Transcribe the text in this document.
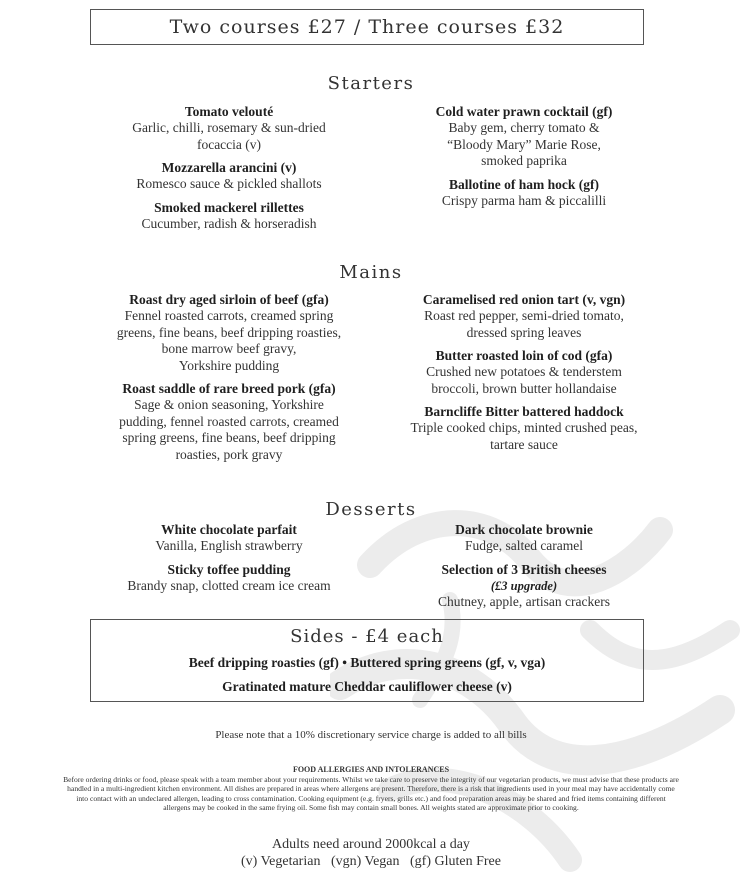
Two courses £27 / Three courses £32
Starters
Tomato velouté
Garlic, chilli, rosemary & sun-dried
focaccia (v)
Mozzarella arancini (v)
Romesco sauce & pickled shallots
Smoked mackerel rillettes
Cucumber, radish & horseradish
Cold water prawn cocktail (gf)
Baby gem, cherry tomato &
“Bloody Mary” Marie Rose,
smoked paprika
Ballotine of ham hock (gf)
Crispy parma ham & piccalilli
Mains
Roast dry aged sirloin of beef (gfa)
Fennel roasted carrots, creamed spring
greens, fine beans, beef dripping roasties,
bone marrow beef gravy,
Yorkshire pudding
Roast saddle of rare breed pork (gfa)
Sage & onion seasoning, Yorkshire
pudding, fennel roasted carrots, creamed
spring greens, fine beans, beef dripping
roasties, pork gravy
Caramelised red onion tart (v, vgn)
Roast red pepper, semi-dried tomato,
dressed spring leaves
Butter roasted loin of cod (gfa)
Crushed new potatoes & tenderstem
broccoli, brown butter hollandaise
Barncliffe Bitter battered haddock
Triple cooked chips, minted crushed peas,
tartare sauce
Desserts
White chocolate parfait
Vanilla, English strawberry
Sticky toffee pudding
Brandy snap, clotted cream ice cream
Dark chocolate brownie
Fudge, salted caramel
Selection of 3 British cheeses
(£3 upgrade)
Chutney, apple, artisan crackers
Sides - £4 each
Beef dripping roasties (gf) • Buttered spring greens (gf, v, vga)
Gratinated mature Cheddar cauliflower cheese (v)
Please note that a 10% discretionary service charge is added to all bills
FOOD ALLERGIES AND INTOLERANCES
Before ordering drinks or food, please speak with a team member about your requirements. Whilst we take care to preserve the integrity of our vegetarian products, we must advise that these products are handled in a multi-ingredient kitchen environment. All dishes are prepared in areas where allergens are present. Therefore, there is a risk that ingredients used in your meal may have accidentally come into contact with an undeclared allergen, leading to cross contamination. Cooking equipment (e.g. fryers, grills etc.) and food preparation areas may be shared and fried items containing different allergens may be cooked in the same frying oil. Some fish may contain small bones. All weights stated are approximate prior to cooking.
Adults need around 2000kcal a day
(v) Vegetarian   (vgn) Vegan   (gf) Gluten Free
